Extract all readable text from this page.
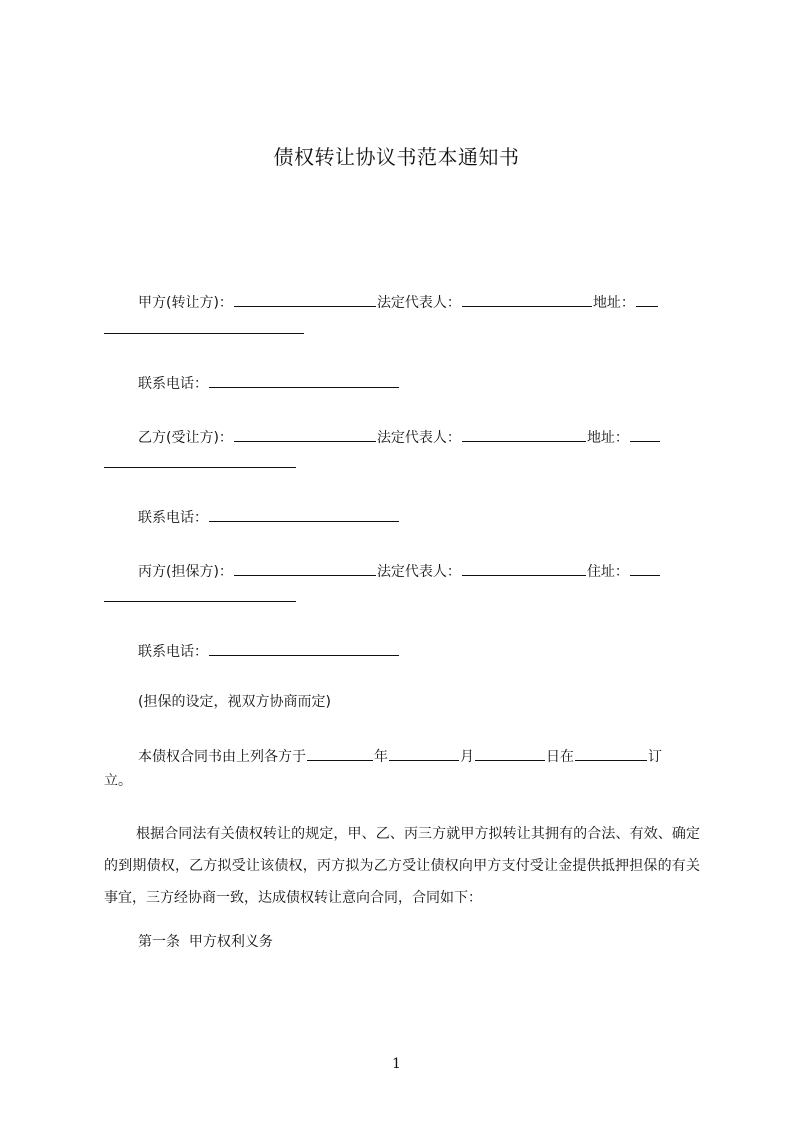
债权转让协议书范本通知书
甲方(转让方)：	法定代表人：	地址：
联系电话：
乙方(受让方)：	法定代表人：	地址：
联系电话：
丙方(担保方)：	法定代表人：	住址：
联系电话：
(担保的设定，视双方协商而定)
本债权合同书由上列各方于	年	月	日在	订
立。
根据合同法有关债权转让的规定，甲、乙、丙三方就甲方拟转让其拥有的合法、有效、确定的到期债权，乙方拟受让该债权，丙方拟为乙方受让债权向甲方支付受让金提供抵押担保的有关事宜，三方经协商一致，达成债权转让意向合同，合同如下：
第一条  甲方权利义务
1
